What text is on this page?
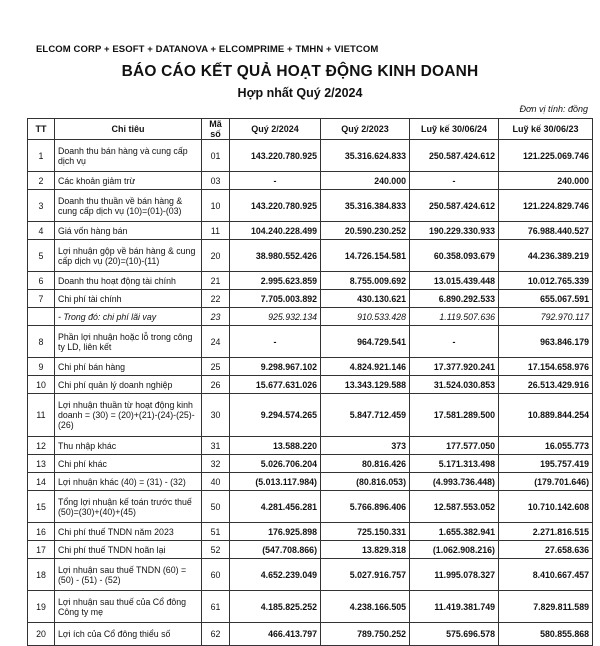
ELCOM CORP + ESOFT + DATANOVA + ELCOMPRIME + TMHN + VIETCOM
BÁO CÁO KẾT QUẢ HOẠT ĐỘNG KINH DOANH
Hợp nhất Quý 2/2024
Đơn vị tính: đồng
TT	Chỉ tiêu	Mã số	Quý 2/2024	Quý 2/2023	Luỹ kế 30/06/24	Luỹ kế 30/06/23
1	Doanh thu bán hàng và cung cấp dịch vụ	01	143.220.780.925	35.316.624.833	250.587.424.612	121.225.069.746
2	Các khoản giảm trừ	03	-	240.000	-	240.000
3	Doanh thu thuần về bán hàng & cung cấp dịch vụ (10)=(01)-(03)	10	143.220.780.925	35.316.384.833	250.587.424.612	121.224.829.746
4	Giá vốn hàng bán	11	104.240.228.499	20.590.230.252	190.229.330.933	76.988.440.527
5	Lợi nhuận gộp về bán hàng & cung cấp dịch vụ (20)=(10)-(11)	20	38.980.552.426	14.726.154.581	60.358.093.679	44.236.389.219
6	Doanh thu hoạt động tài chính	21	2.995.623.859	8.755.009.692	13.015.439.448	10.012.765.339
7	Chi phí tài chính	22	7.705.003.892	430.130.621	6.890.292.533	655.067.591
	- Trong đó: chi phí lãi vay	23	925.932.134	910.533.428	1.119.507.636	792.970.117
8	Phần lợi nhuận hoặc lỗ trong công ty LD, liên kết	24	-	964.729.541	-	963.846.179
9	Chi phí bán hàng	25	9.298.967.102	4.824.921.146	17.377.920.241	17.154.658.976
10	Chi phí quản lý doanh nghiệp	26	15.677.631.026	13.343.129.588	31.524.030.853	26.513.429.916
11	Lợi nhuận thuần từ hoạt động kinh doanh = (30) = (20)+(21)-(24)-(25)-(26)	30	9.294.574.265	5.847.712.459	17.581.289.500	10.889.844.254
12	Thu nhập khác	31	13.588.220	373	177.577.050	16.055.773
13	Chi phí khác	32	5.026.706.204	80.816.426	5.171.313.498	195.757.419
14	Lợi nhuận khác (40) = (31) - (32)	40	(5.013.117.984)	(80.816.053)	(4.993.736.448)	(179.701.646)
15	Tổng lợi nhuận kế toán trước thuế (50)=(30)+(40)+(45)	50	4.281.456.281	5.766.896.406	12.587.553.052	10.710.142.608
16	Chi phí thuế TNDN năm 2023	51	176.925.898	725.150.331	1.655.382.941	2.271.816.515
17	Chi phí thuế TNDN hoãn lại	52	(547.708.866)	13.829.318	(1.062.908.216)	27.658.636
18	Lợi nhuận sau thuế TNDN (60) = (50) - (51) - (52)	60	4.652.239.049	5.027.916.757	11.995.078.327	8.410.667.457
19	Lợi nhuận sau thuế của Cổ đông Công ty mẹ	61	4.185.825.252	4.238.166.505	11.419.381.749	7.829.811.589
20	Lợi ích của Cổ đông thiểu số	62	466.413.797	789.750.252	575.696.578	580.855.868
